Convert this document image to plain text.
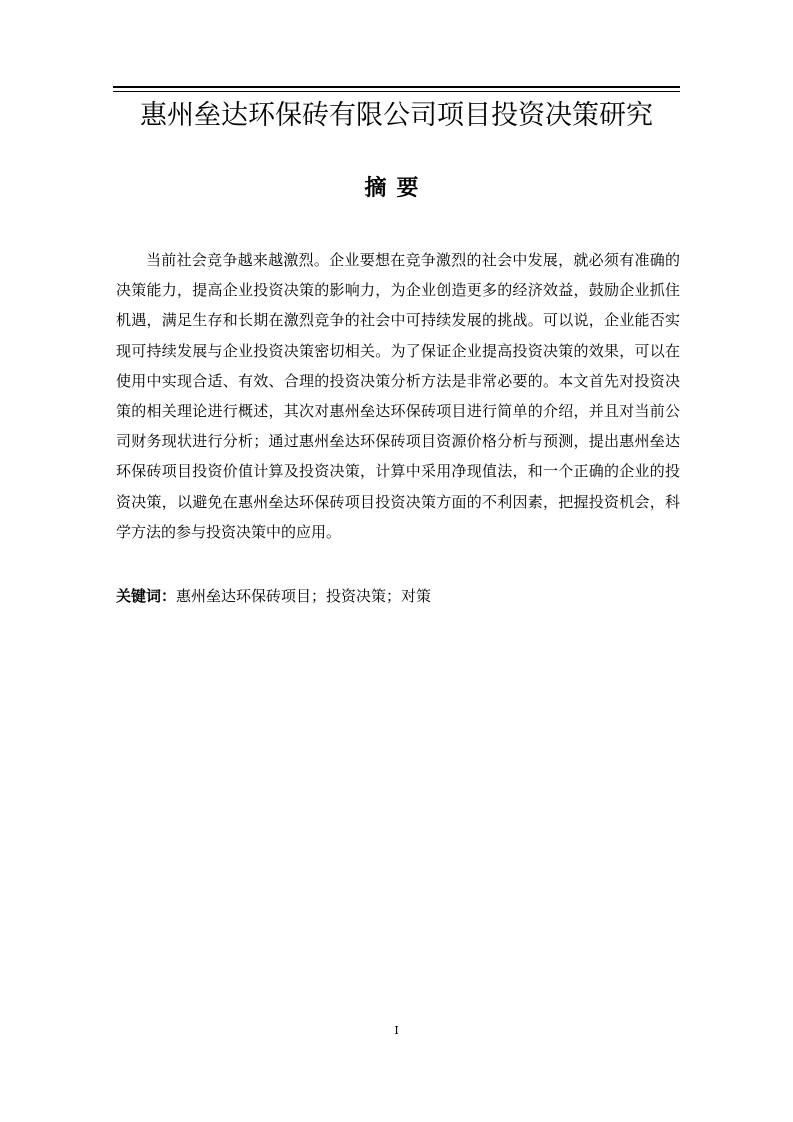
惠州垒达环保砖有限公司项目投资决策研究
摘要

当前社会竞争越来越激烈。企业要想在竞争激烈的社会中发展，就必须有准确的决策能力，提高企业投资决策的影响力，为企业创造更多的经济效益，鼓励企业抓住机遇，满足生存和长期在激烈竞争的社会中可持续发展的挑战。可以说，企业能否实现可持续发展与企业投资决策密切相关。为了保证企业提高投资决策的效果，可以在使用中实现合适、有效、合理的投资决策分析方法是非常必要的。本文首先对投资决策的相关理论进行概述，其次对惠州垒达环保砖项目进行简单的介绍，并且对当前公司财务现状进行分析；通过惠州垒达环保砖项目资源价格分析与预测，提出惠州垒达环保砖项目投资价值计算及投资决策，计算中采用净现值法，和一个正确的企业的投资决策，以避免在惠州垒达环保砖项目投资决策方面的不利因素，把握投资机会，科学方法的参与投资决策中的应用。

关键词：惠州垒达环保砖项目；投资决策；对策
I
